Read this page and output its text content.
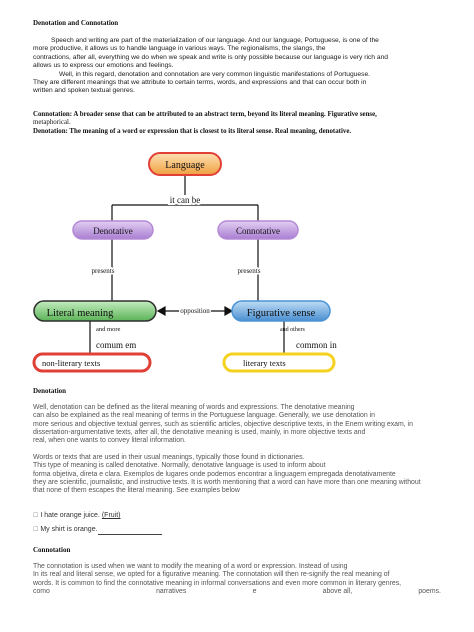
Denotation and Connotation
Speech and writing are part of the materialization of our language. And our language, Portuguese, is one of the
more productive, it allows us to handle language in various ways. The regionalisms, the slangs, the
contractions, after all, everything we do when we speak and write is only possible because our language is very rich and
allows us to express our emotions and feelings.
Well, in this regard, denotation and connotation are very common linguistic manifestations of Portuguese.
They are different meanings that we attribute to certain terms, words, and expressions and that can occur both in
written and spoken textual genres.
Connotation: A broader sense that can be attributed to an abstract term, beyond its literal meaning. Figurative sense,
metaphorical.
Denotation: The meaning of a word or expression that is closest to its literal sense. Real meaning, denotative.
Language
it can be
Denotative	Connotative
presents	presents
Literal meaning	opposition	Figurative sense
and more	and others
comum em	common in
non-literary texts	literary texts
Denotation
Well, denotation can be defined as the literal meaning of words and expressions. The denotative meaning
can also be explained as the real meaning of terms in the Portuguese language. Generally, we use denotation in
more serious and objective textual genres, such as scientific articles, objective descriptive texts, in the Enem writing exam, in
dissertation-argumentative texts, after all, the denotative meaning is used, mainly, in more objective texts and
real, when one wants to convey literal information.
Words or texts that are used in their usual meanings, typically those found in dictionaries.
This type of meaning is called denotative. Normally, denotative language is used to inform about
forma objetiva, direta e clara. Exemplos de lugares onde podemos encontrar a linguagem empregada denotativamente
they are scientific, journalistic, and instructive texts. It is worth mentioning that a word can have more than one meaning without
that none of them escapes the literal meaning. See examples below
☐ I hate orange juice. (Fruit)
☐ My shirt is orange.
Connotation
The connotation is used when we want to modify the meaning of a word or expression. Instead of using
In its real and literal sense, we opted for a figurative meaning. The connotation will then re-signify the real meaning of
words. It is common to find the connotative meaning in informal conversations and even more common in literary genres,
como	narratives	e	above all,	poems.
